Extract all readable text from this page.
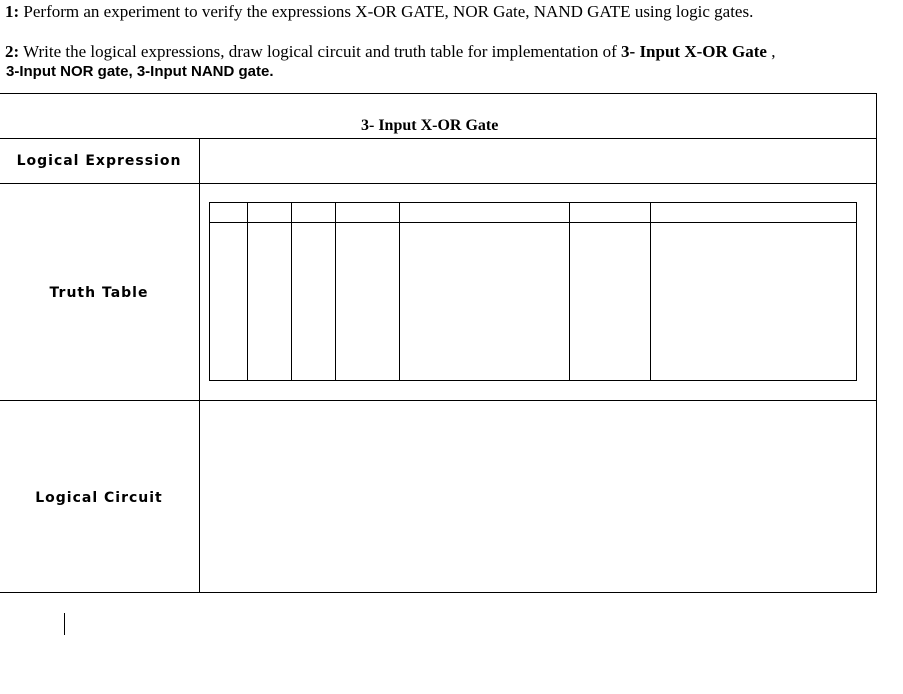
1: Perform an experiment to verify the expressions X-OR GATE, NOR Gate, NAND GATE using logic gates.
2: Write the logical expressions, draw logical circuit and truth table for implementation of 3- Input X-OR Gate ,
3-Input NOR gate, 3-Input NAND gate.
3- Input X-OR Gate
Logical Expression
Truth Table
Logical Circuit
